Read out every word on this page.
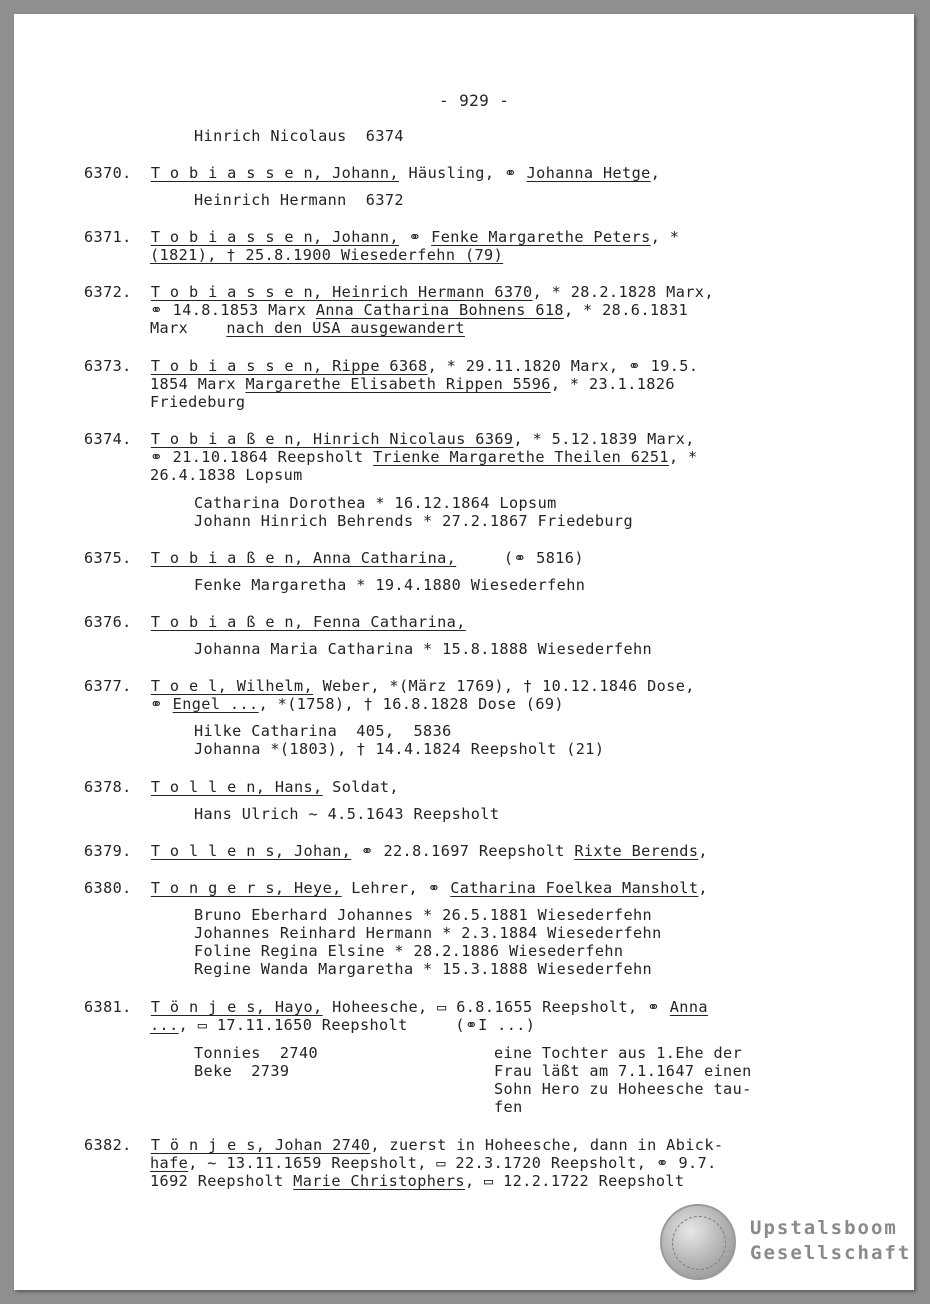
- 929 -
Hinrich Nicolaus  6374
6370. T o b i a s s e n, Johann, Häusling, ⚭ Johanna Hetge,
Heinrich Hermann  6372
6371. T o b i a s s e n, Johann, ⚭ Fenke Margarethe Peters, *
(1821), † 25.8.1900 Wiesederfehn (79)
6372. T o b i a s s e n, Heinrich Hermann 6370, * 28.2.1828 Marx,
⚭ 14.8.1853 Marx Anna Catharina Bohnens 618, * 28.6.1831
Marx    nach den USA ausgewandert
6373. T o b i a s s e n, Rippe 6368, * 29.11.1820 Marx, ⚭ 19.5.
1854 Marx Margarethe Elisabeth Rippen 5596, * 23.1.1826
Friedeburg
6374. T o b i a ß e n, Hinrich Nicolaus 6369, * 5.12.1839 Marx,
⚭ 21.10.1864 Reepsholt Trienke Margarethe Theilen 6251, *
26.4.1838 Lopsum
Catharina Dorothea * 16.12.1864 Lopsum
Johann Hinrich Behrends * 27.2.1867 Friedeburg
6375. T o b i a ß e n, Anna Catharina,     (⚭ 5816)
Fenke Margaretha * 19.4.1880 Wiesederfehn
6376. T o b i a ß e n, Fenna Catharina,
Johanna Maria Catharina * 15.8.1888 Wiesederfehn
6377. T o e l, Wilhelm, Weber, *(März 1769), † 10.12.1846 Dose,
⚭ Engel ..., *(1758), † 16.8.1828 Dose (69)
Hilke Catharina  405,  5836
Johanna *(1803), † 14.4.1824 Reepsholt (21)
6378. T o l l e n, Hans, Soldat,
Hans Ulrich ~ 4.5.1643 Reepsholt
6379. T o l l e n s, Johan, ⚭ 22.8.1697 Reepsholt Rixte Berends,
6380. T o n g e r s, Heye, Lehrer, ⚭ Catharina Foelkea Mansholt,
Bruno Eberhard Johannes * 26.5.1881 Wiesederfehn
Johannes Reinhard Hermann * 2.3.1884 Wiesederfehn
Foline Regina Elsine * 28.2.1886 Wiesederfehn
Regine Wanda Margaretha * 15.3.1888 Wiesederfehn
6381. T ö n j e s, Hayo, Hoheesche, ▭ 6.8.1655 Reepsholt, ⚭ Anna
..., ▭ 17.11.1650 Reepsholt     (⚭I ...)
Tonnies  2740
Beke  2739
eine Tochter aus 1.Ehe der
Frau läßt am 7.1.1647 einen
Sohn Hero zu Hoheesche tau-
fen
6382. T ö n j e s, Johan 2740, zuerst in Hoheesche, dann in Abick-
hafe, ~ 13.11.1659 Reepsholt, ▭ 22.3.1720 Reepsholt, ⚭ 9.7.
1692 Reepsholt Marie Christophers, ▭ 12.2.1722 Reepsholt
Upstalsboom
Gesellschaft
